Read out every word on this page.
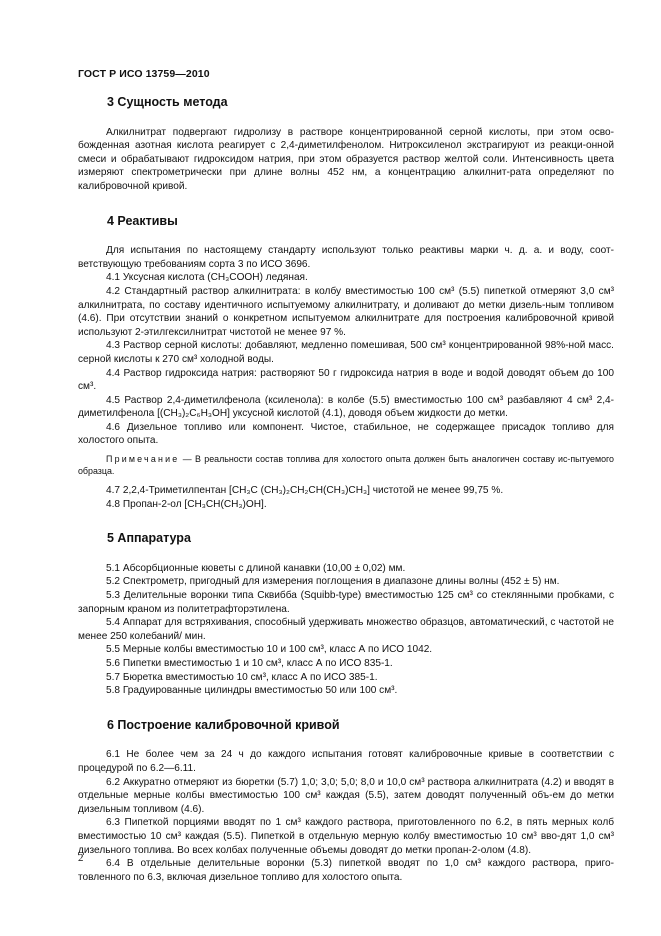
ГОСТ Р ИСО 13759—2010
3 Сущность метода

Алкилнитрат подвергают гидролизу в растворе концентрированной серной кислоты, при этом осво-божденная азотная кислота реагирует с 2,4-диметилфенолом. Нитроксиленол экстрагируют из реакци-онной смеси и обрабатывают гидроксидом натрия, при этом образуется раствор желтой соли. Интенсивность цвета измеряют спектрометрически при длине волны 452 нм, а концентрацию алкилнит-рата определяют по калибровочной кривой.

4 Реактивы

Для испытания по настоящему стандарту используют только реактивы марки ч. д. а. и воду, соот-ветствующую требованиям сорта 3 по ИСО 3696.

4.1 Уксусная кислота (CH₃COOH) ледяная.

4.2 Стандартный раствор алкилнитрата: в колбу вместимостью 100 см³ (5.5) пипеткой отмеряют 3,0 см³ алкилнитрата, по составу идентичного испытуемому алкилнитрату, и доливают до метки дизель-ным топливом (4.6). При отсутствии знаний о конкретном испытуемом алкилнитрате для построения калибровочной кривой используют 2-этилгексилнитрат чистотой не менее 97 %.

4.3 Раствор серной кислоты: добавляют, медленно помешивая, 500 см³ концентрированной 98%-ной масс. серной кислоты к 270 см³ холодной воды.

4.4 Раствор гидроксида натрия: растворяют 50 г гидроксида натрия в воде и водой доводят объем до 100 см³.

4.5 Раствор 2,4-диметилфенола (ксиленола): в колбе (5.5) вместимостью 100 см³ разбавляют 4 см³ 2,4-диметилфенола [(CH₃)₂C₆H₃OH] уксусной кислотой (4.1), доводя объем жидкости до метки.

4.6 Дизельное топливо или компонент. Чистое, стабильное, не содержащее присадок топливо для холостого опыта.

Примечание — В реальности состав топлива для холостого опыта должен быть аналогичен составу ис-пытуемого образца.

4.7 2,2,4-Триметилпентан [CH₃C (CH₃)₂CH₂CH(CH₃)CH₃] чистотой не менее 99,75 %.

4.8 Пропан-2-ол [CH₃CH(CH₃)OH].

5 Аппаратура

5.1 Абсорбционные кюветы с длиной канавки (10,00 ± 0,02) мм.

5.2 Спектрометр, пригодный для измерения поглощения в диапазоне длины волны (452 ± 5) нм.

5.3 Делительные воронки типа Сквибба (Squibb-type) вместимостью 125 см³ со стеклянными пробками, с запорным краном из политетрафторэтилена.

5.4 Аппарат для встряхивания, способный удерживать множество образцов, автоматический, с частотой не менее 250 колебаний/ мин.

5.5 Мерные колбы вместимостью 10 и 100 см³, класс А по ИСО 1042.

5.6 Пипетки вместимостью 1 и 10 см³, класс А по ИСО 835-1.

5.7 Бюретка вместимостью 10 см³, класс А по ИСО 385-1.

5.8 Градуированные цилиндры вместимостью 50 или 100 см³.

6 Построение калибровочной кривой

6.1 Не более чем за 24 ч до каждого испытания готовят калибровочные кривые в соответствии с процедурой по 6.2—6.11.

6.2 Аккуратно отмеряют из бюретки (5.7) 1,0; 3,0; 5,0; 8,0 и 10,0 см³ раствора алкилнитрата (4.2) и вводят в отдельные мерные колбы вместимостью 100 см³ каждая (5.5), затем доводят полученный объ-ем до метки дизельным топливом (4.6).

6.3 Пипеткой порциями вводят по 1 см³ каждого раствора, приготовленного по 6.2, в пять мерных колб вместимостью 10 см³ каждая (5.5). Пипеткой в отдельную мерную колбу вместимостью 10 см³ вво-дят 1,0 см³ дизельного топлива. Во всех колбах полученные объемы доводят до метки пропан-2-олом (4.8).

6.4 В отдельные делительные воронки (5.3) пипеткой вводят по 1,0 см³ каждого раствора, приго-товленного по 6.3, включая дизельное топливо для холостого опыта.

2
